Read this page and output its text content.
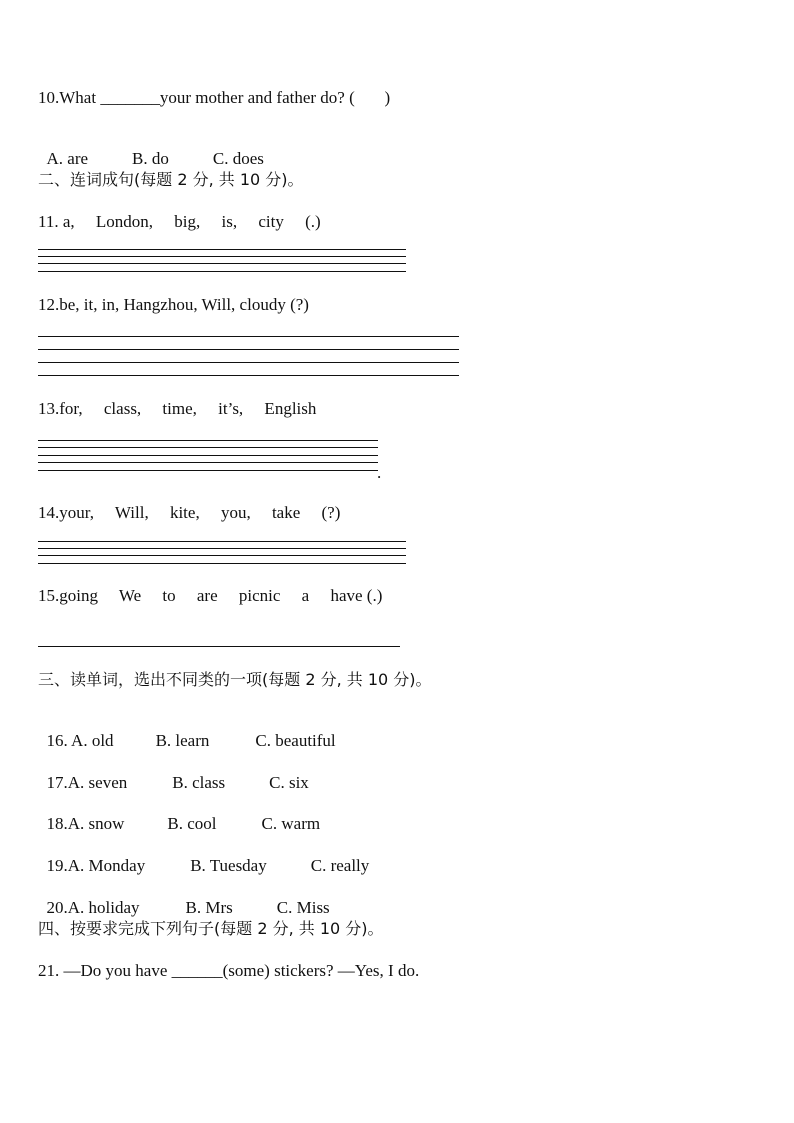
10.What _______your mother and father do? (       )

A. are	B. do	C. does

二、连词成句(每题 2 分, 共 10 分)。
11. a,     London,     big,     is,     city     (.)
12.be, it, in, Hangzhou, Will, cloudy (?)
13.for,     class,     time,     it’s,     English
.
14.your,     Will,     kite,     you,     take     (?)
15.going     We     to     are     picnic     a     have (.)
三、读单词，选出不同类的一项(每题 2 分, 共 10 分)。

16. A. old B. learn	C. beautiful

17.A. seven	B. class	C. six

18.A. snow	B. cool	C. warm

19.A. Monday	B. Tuesday	C. really

20.A. holiday	B. Mrs	C. Miss

四、按要求完成下列句子(每题 2 分, 共 10 分)。
21. —Do you have ______(some) stickers? —Yes, I do.
